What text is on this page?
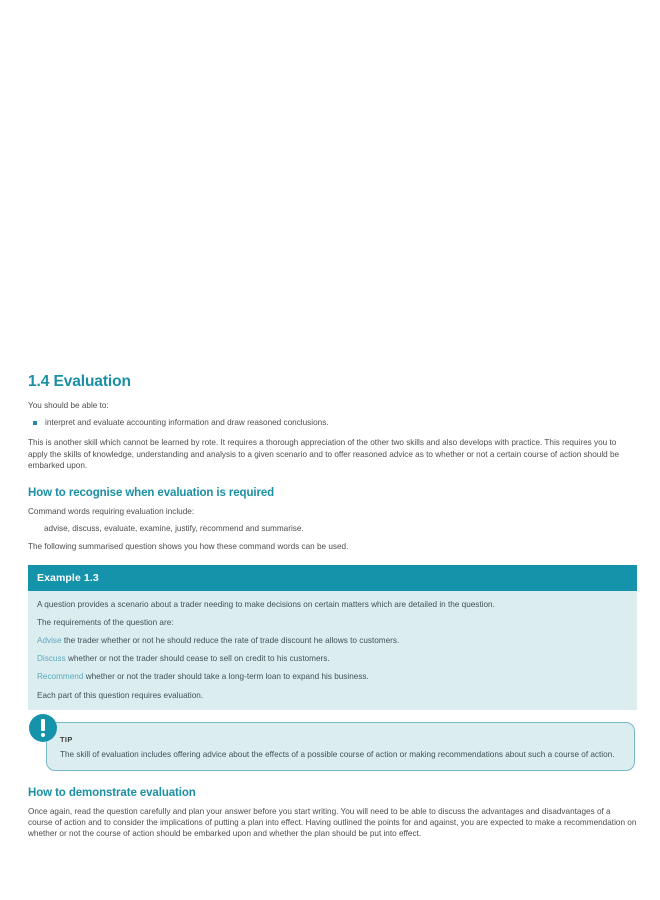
1.4 Evaluation

You should be able to:

interpret and evaluate accounting information and draw reasoned conclusions.

This is another skill which cannot be learned by rote. It requires a thorough appreciation of the other two skills and also develops with practice. This requires you to apply the skills of knowledge, understanding and analysis to a given scenario and to offer reasoned advice as to whether or not a certain course of action should be embarked upon.

How to recognise when evaluation is required

Command words requiring evaluation include:

advise, discuss, evaluate, examine, justify, recommend and summarise.

The following summarised question shows you how these command words can be used.

Example 1.3

A question provides a scenario about a trader needing to make decisions on certain matters which are detailed in the question.

The requirements of the question are:

Advise the trader whether or not he should reduce the rate of trade discount he allows to customers.

Discuss whether or not the trader should cease to sell on credit to his customers.

Recommend whether or not the trader should take a long-term loan to expand his business.

Each part of this question requires evaluation.

TIP

The skill of evaluation includes offering advice about the effects of a possible course of action or making recommendations about such a course of action.

How to demonstrate evaluation

Once again, read the question carefully and plan your answer before you start writing. You will need to be able to discuss the advantages and disadvantages of a course of action and to consider the implications of putting a plan into effect. Having outlined the points for and against, you are expected to make a recommendation on whether or not the course of action should be embarked upon and whether the plan should be put into effect.
